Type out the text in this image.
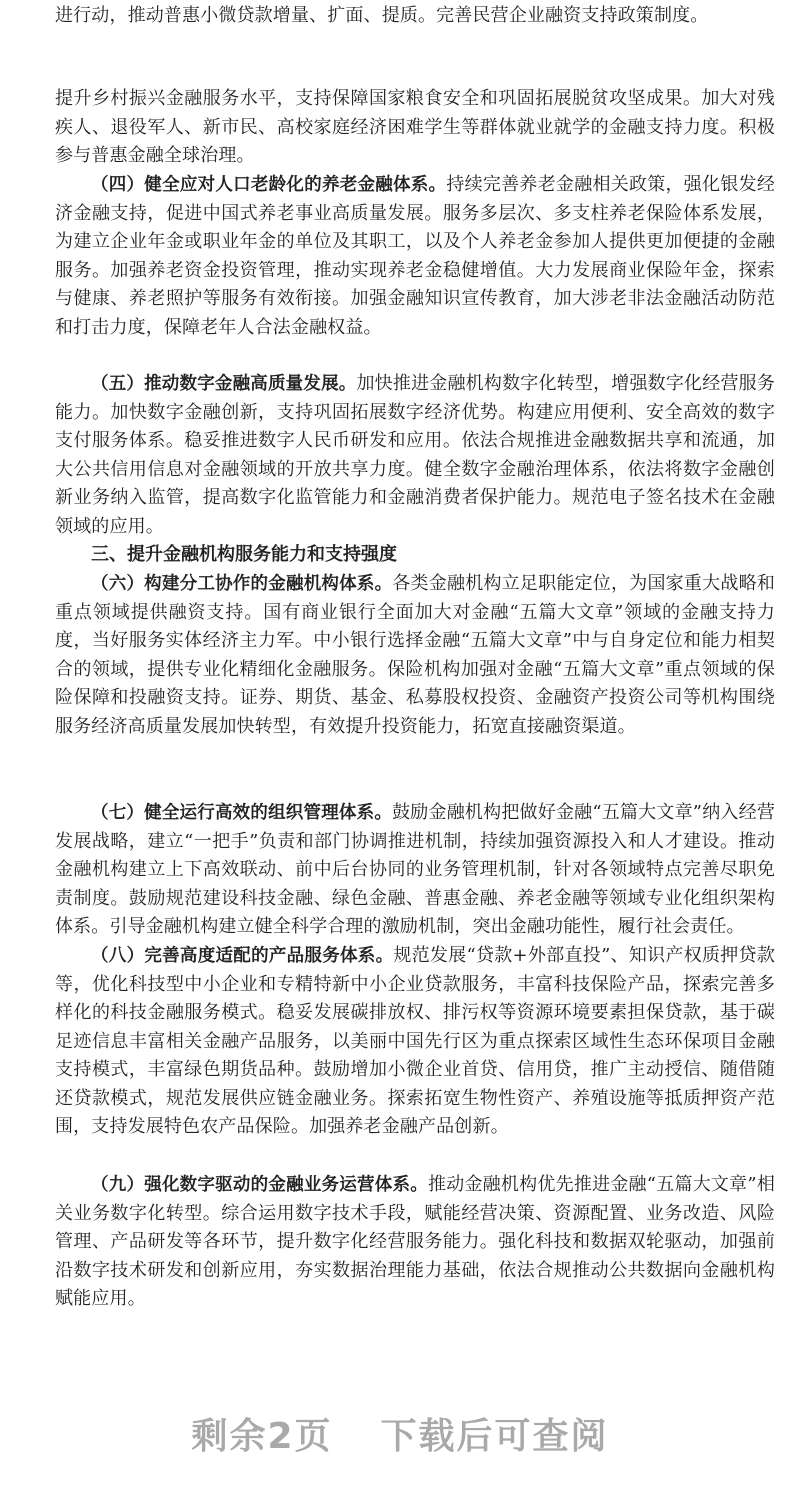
进行动，推动普惠小微贷款增量、扩面、提质。完善民营企业融资支持政策制度。

提升乡村振兴金融服务水平，支持保障国家粮食安全和巩固拓展脱贫攻坚成果。加大对残疾人、退役军人、新市民、高校家庭经济困难学生等群体就业就学的金融支持力度。积极参与普惠金融全球治理。

（四）健全应对人口老龄化的养老金融体系。持续完善养老金融相关政策，强化银发经济金融支持，促进中国式养老事业高质量发展。服务多层次、多支柱养老保险体系发展，为建立企业年金或职业年金的单位及其职工，以及个人养老金参加人提供更加便捷的金融服务。加强养老资金投资管理，推动实现养老金稳健增值。大力发展商业保险年金，探索与健康、养老照护等服务有效衔接。加强金融知识宣传教育，加大涉老非法金融活动防范和打击力度，保障老年人合法金融权益。

（五）推动数字金融高质量发展。加快推进金融机构数字化转型，增强数字化经营服务能力。加快数字金融创新，支持巩固拓展数字经济优势。构建应用便利、安全高效的数字支付服务体系。稳妥推进数字人民币研发和应用。依法合规推进金融数据共享和流通，加大公共信用信息对金融领域的开放共享力度。健全数字金融治理体系，依法将数字金融创新业务纳入监管，提高数字化监管能力和金融消费者保护能力。规范电子签名技术在金融领域的应用。

三、提升金融机构服务能力和支持强度

（六）构建分工协作的金融机构体系。各类金融机构立足职能定位，为国家重大战略和重点领域提供融资支持。国有商业银行全面加大对金融“五篇大文章”领域的金融支持力度，当好服务实体经济主力军。中小银行选择金融“五篇大文章”中与自身定位和能力相契合的领域，提供专业化精细化金融服务。保险机构加强对金融“五篇大文章”重点领域的保险保障和投融资支持。证券、期货、基金、私募股权投资、金融资产投资公司等机构围绕服务经济高质量发展加快转型，有效提升投资能力，拓宽直接融资渠道。

（七）健全运行高效的组织管理体系。鼓励金融机构把做好金融“五篇大文章”纳入经营发展战略，建立“一把手”负责和部门协调推进机制，持续加强资源投入和人才建设。推动金融机构建立上下高效联动、前中后台协同的业务管理机制，针对各领域特点完善尽职免责制度。鼓励规范建设科技金融、绿色金融、普惠金融、养老金融等领域专业化组织架构体系。引导金融机构建立健全科学合理的激励机制，突出金融功能性，履行社会责任。

（八）完善高度适配的产品服务体系。规范发展“贷款+外部直投”、知识产权质押贷款等，优化科技型中小企业和专精特新中小企业贷款服务，丰富科技保险产品，探索完善多样化的科技金融服务模式。稳妥发展碳排放权、排污权等资源环境要素担保贷款，基于碳足迹信息丰富相关金融产品服务，以美丽中国先行区为重点探索区域性生态环保项目金融支持模式，丰富绿色期货品种。鼓励增加小微企业首贷、信用贷，推广主动授信、随借随还贷款模式，规范发展供应链金融业务。探索拓宽生物性资产、养殖设施等抵质押资产范围，支持发展特色农产品保险。加强养老金融产品创新。

（九）强化数字驱动的金融业务运营体系。推动金融机构优先推进金融“五篇大文章”相关业务数字化转型。综合运用数字技术手段，赋能经营决策、资源配置、业务改造、风险管理、产品研发等各环节，提升数字化经营服务能力。强化科技和数据双轮驱动，加强前沿数字技术研发和创新应用，夯实数据治理能力基础，依法合规推动公共数据向金融机构赋能应用。

剩余2页 下载后可查阅
